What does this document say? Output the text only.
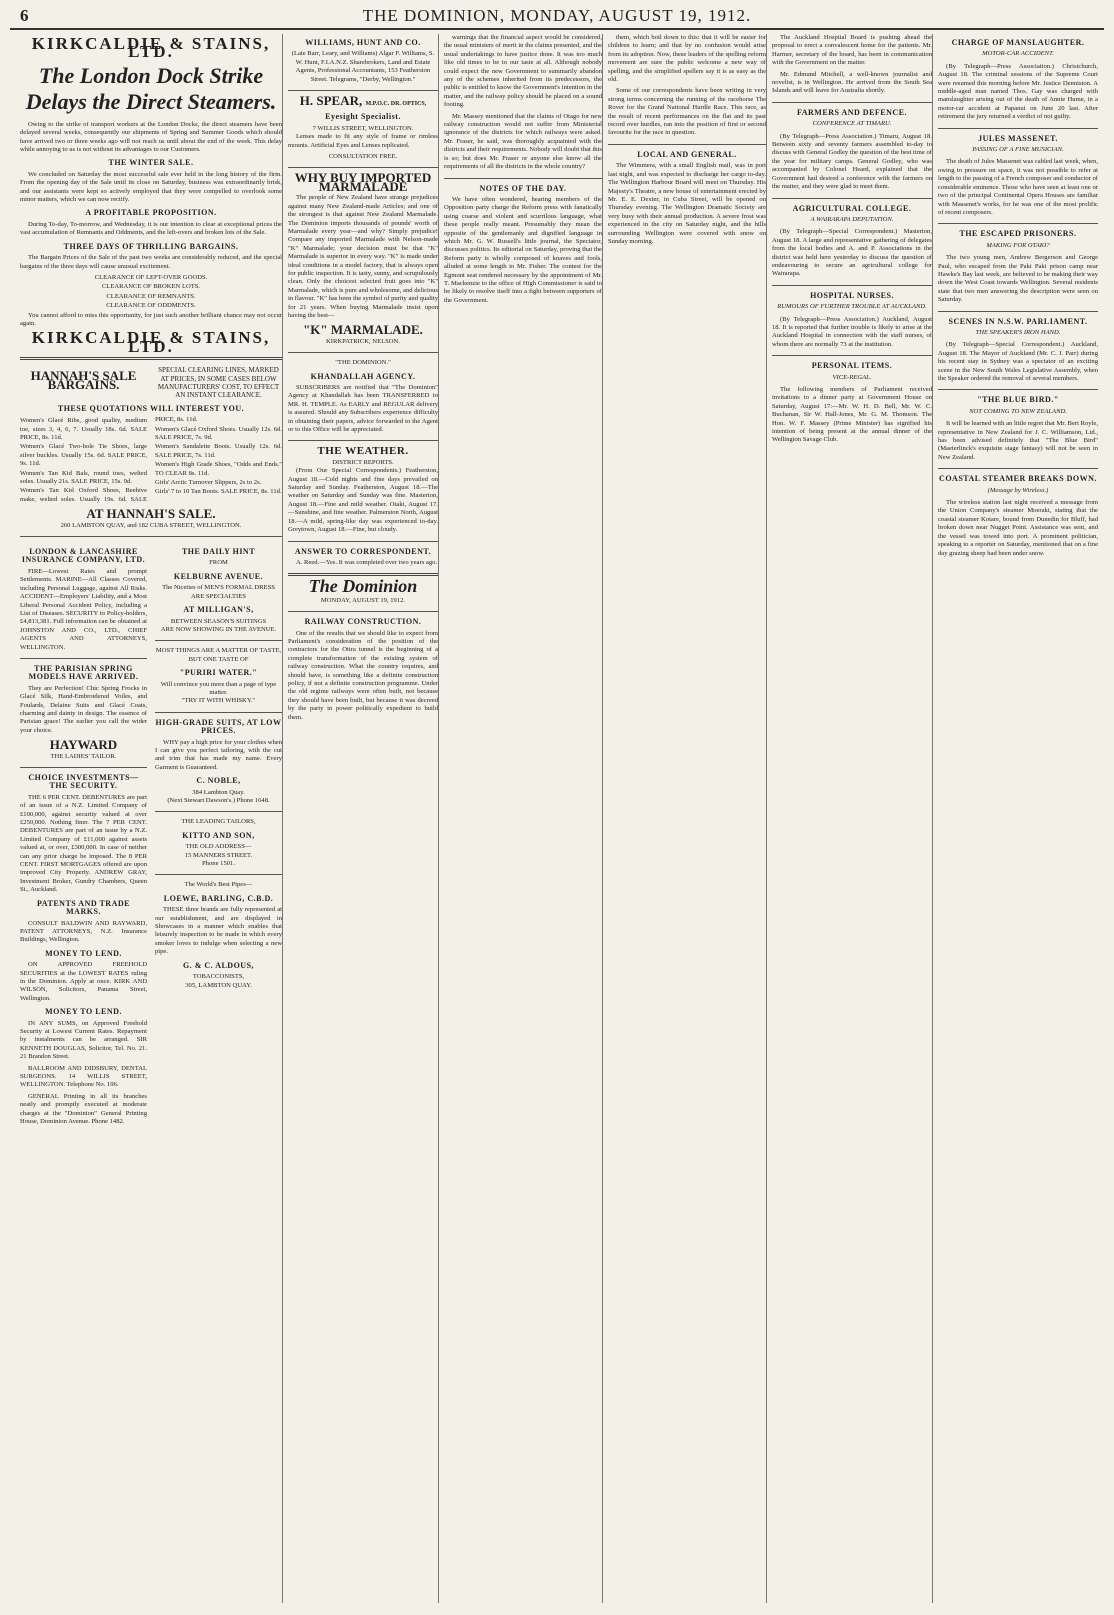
6	THE DOMINION, MONDAY, AUGUST 19, 1912.
KIRKCALDIE & STAINS, LTD.
The London Dock Strike Delays the Direct Steamers.

Owing to the strike of transport workers at the London Docks, the direct steamers have been delayed several weeks, consequently our shipments of Spring and Summer Goods which should have arrived two or three weeks ago will not reach us until about the end of the week. This delay while annoying to us is not without its advantages to our Customers.

THE WINTER SALE.

We concluded on Saturday the most successful sale ever held in the long history of the firm. From the opening day of the Sale until its close on Saturday, business was extraordinarily brisk, and our assistants were kept so actively employed that they were compelled to overlook some minor matters, which we can now rectify.

A PROFITABLE PROPOSITION.

During To-day, To-morrow, and Wednesday, it is our intention to clear at exceptional prices the vast accumulation of Remnants and Oddments, and the left-overs and broken lots of the Sale.

THREE DAYS OF THRILLING BARGAINS.

The Bargain Prices of the Sale of the past two weeks are considerably reduced, and the special bargains of the three days will cause unusual excitement.

CLEARANCE OF LEFT-OVER GOODS.
CLEARANCE OF BROKEN LOTS.
CLEARANCE OF REMNANTS.
CLEARANCE OF ODDMENTS.

You cannot afford to miss this opportunity, for just such another brilliant chance may not occur again.

KIRKCALDIE & STAINS, LTD.
HANNAH'S SALE BARGAINS.
SPECIAL CLEARING LINES, MARKED AT PRICES, IN SOME CASES BELOW MANUFACTURERS' COST, TO EFFECT AN INSTANT CLEARANCE.
THESE QUOTATIONS WILL INTEREST YOU.
Women's Glacé Ribs, good quality, medium toe, sizes 3, 4, 6, 7. Usually 18s. 6d. SALE PRICE, 8s. 11d.
Women's Glacé Two-hole Tie Shoes, large silver buckles. Usually 15s. 6d. SALE PRICE, 9s. 11d.
Women's Tan Kid Bals, round toes, welted soles. Usually 21s. SALE PRICE, 15s. 9d.
Women's Tan Kid Oxford Shoes, Beehive make, welted soles. Usually 19s. 6d. SALE PRICE, 8s. 11d.
Women's Glacé Oxford Shoes. Usually 12s. 6d. SALE PRICE, 7s. 9d.
Women's Sandalette Boots. Usually 12s. 6d. SALE PRICE, 7s. 11d.
Women's High Grade Shoes, "Odds and Ends." TO CLEAR 8s. 11d.
Girls' Arctic Turnover Slippers, 2s to 2s.
Girls' 7 to 10 Tan Boots. SALE PRICE, 8s. 11d.
AT HANNAH'S SALE.
260 LAMBTON QUAY, and 182 CUBA STREET, WELLINGTON.
LONDON & LANCASHIRE INSURANCE COMPANY, LTD.

FIRE—Lowest Rates and prompt Settlements. MARINE—All Classes Covered, including Personal Luggage, against All Risks. ACCIDENT—Employers' Liability, and a Most Liberal Personal Accident Policy, including a List of Diseases. SECURITY to Policy-holders, £4,813,381. Full information can be obtained at JOHNSTON AND CO., LTD., CHIEF AGENTS AND ATTORNEYS, WELLINGTON.

THE PARISIAN SPRING MODELS HAVE ARRIVED.

They are Perfection! Chic Spring Frocks in Glacé Silk, Hand-Embroidered Voiles, and Foulards, Delaine Suits and Glacé Coats, charming and dainty in design. The essence of Parisian grace! The earlier you call the wider your choice.

HAYWARD
THE LADIES' TAILOR.
CHOICE INVESTMENTS—THE SECURITY.

THE 6 PER CENT. DEBENTURES are part of an issue of a N.Z. Limited Company of £100,000, against security valued at over £250,000. Nothing finer. The 7 PER CENT. DEBENTURES are part of an issue by a N.Z. Limited Company of £11,000 against assets valued at, or over, £300,000. In case of neither can any prior charge be imposed. The 8 PER CENT. FIRST MORTGAGES offered are upon improved City Property. ANDREW GRAY, Investment Broker, Gundry Chambers, Queen St., Auckland.

PATENTS AND TRADE MARKS.

CONSULT BALDWIN AND RAYWARD, PATENT ATTORNEYS, N.Z. Insurance Buildings, Wellington.

MONEY TO LEND.

ON APPROVED FREEHOLD SECURITIES at the LOWEST RATES ruling in the Dominion. Apply at once. KIRK AND WILSON, Solicitors, Panama Street, Wellington.

MONEY TO LEND.

IN ANY SUMS, on Approved Freehold Security at Lowest Current Rates. Repayment by instalments can be arranged. SIR KENNETH DOUGLAS, Solicitor, Tel. No. 21. 21 Brandon Street.

BALLROOM AND DIDSBURY, DENTAL SURGEONS. 14 WILLIS STREET, WELLINGTON. Telephone No. 196.

GENERAL Printing in all its branches neatly and promptly executed at moderate charges at the "Dominion" General Printing House, Dominion Avenue. Phone 1482.

THE DAILY HINT
FROM
KELBURNE AVENUE.
The Niceties of MEN'S FORMAL DRESS ARE SPECIALTIES
AT MILLIGAN'S,
BETWEEN SEASON'S SUITINGS
ARE NOW SHOWING IN THE AVENUE.
MOST THINGS ARE A MATTER OF TASTE, BUT ONE TASTE OF
"PURIRI WATER."
Will convince you more than a page of type matter.
"TRY IT WITH WHISKY."
HIGH-GRADE SUITS, AT LOW PRICES.

WHY pay a high price for your clothes when I can give you perfect tailoring, with the cut and trim that has made my name. Every Garment is Guaranteed.

C. NOBLE,
384 Lambton Quay.
(Next Stewart Dawson's.) Phone 1648.
THE LEADING TAILORS,
KITTO AND SON,
THE OLD ADDRESS—
15 MANNERS STREET.
Phone 1501.
The World's Best Pipes—
LOEWE, BARLING, C.B.D.

THESE three brands are fully represented at our establishment, and are displayed in Showcases in a manner which enables that leisurely inspection to be made in which every smoker loves to indulge when selecting a new pipe.

G. & C. ALDOUS,
TOBACCONISTS,
305, LAMBTON QUAY.
WILLIAMS, HUNT AND CO.
(Late Barr, Leary, and Williams) Algar F. Williams, S. W. Hunt, F.I.A.N.Z. Sharebrokers, Land and Estate Agents, Professional Accountants, 153 Featherston Street. Telegrams, "Derby, Wellington."
H. SPEAR, M.P.O.C. DR. OPTICS,
Eyesight Specialist.
7 WILLIS STREET, WELLINGTON.

Lenses made to fit any style of frame or rimless mounts. Artificial Eyes and Lenses replicated.

CONSULTATION FREE.
WHY BUY IMPORTED MARMALADE

The people of New Zealand have strange prejudices against many New Zealand-made Articles; and one of the strongest is that against New Zealand Marmalade. The Dominion imports thousands of pounds' worth of Marmalade every year—and why? Simply prejudice! Compare any imported Marmalade with Nelson-made "K" Marmalade; your decision must be that "K" Marmalade is superior in every way. "K" is made under ideal conditions in a model factory, that is always open for public inspection. It is tasty, sunny, and scrupulously clean. Only the choicest selected fruit goes into "K" Marmalade, which is pure and wholesome, and delicious in flavour. "K" has been the symbol of purity and quality for 21 years. When buying Marmalade insist upon having the best—

"K" MARMALADE.
KIRKPATRICK, NELSON.
"THE DOMINION."
KHANDALLAH AGENCY.

SUBSCRIBERS are notified that "The Dominion" Agency at Khandallah has been TRANSFERRED to MR. H. TEMPLE. As EARLY and REGULAR delivery is assured. Should any Subscribers experience difficulty in obtaining their papers, advice forwarded to the Agent or to this Office will be appreciated.

THE WEATHER.
DISTRICT REPORTS.

(From Our Special Correspondents.) Featherston, August 18.—Cold nights and fine days prevailed on Saturday and Sunday. Featherston, August 18.—The weather on Saturday and Sunday was fine. Masterton, August 18.—Fine and mild weather. Otaki, August 17.—Sunshine, and fine weather. Palmerston North, August 18.—A mild, spring-like day was experienced to-day. Greytown, August 18.—Fine, but cloudy.

ANSWER TO CORRESPONDENT.

A. Reed.—Yes. It was completed over two years ago.

The Dominion
MONDAY, AUGUST 19, 1912.
RAILWAY CONSTRUCTION.

One of the results that we should like to expect from Parliament's consideration of the position of the contractors for the Otira tunnel is the beginning of a complete transformation of the existing system of railway construction. What the country requires, and should have, is something like a definite construction policy, if not a definite construction programme. Under the old regime railways were often built, not because they should have been built, but because it was decreed by the party in power politically expedient to build them.

warnings that the financial aspect would be considered, the usual ministers of merit in the claims presented, and the usual undertakings to have justice done. It was too much like old times to be to our taste at all. Although nobody could expect the new Government to summarily abandon any of the schemes inherited from its predecessors, the public is entitled to know the Government's intention in the matter, and the railway policy should be placed on a sound footing.

Mr. Massey mentioned that the claims of Otago for new railway construction would not suffer from Ministerial ignorance of the districts for which railways were asked. Mr. Fraser, he said, was thoroughly acquainted with the districts and their requirements. Nobody will doubt that this is so; but does Mr. Fraser or anyone else know all the requirements of all the districts in the whole country?

NOTES OF THE DAY.

We have often wondered, hearing members of the Opposition party charge the Reform press with fanatically using coarse and violent and scurrilous language, what these people really meant. Presumably they mean the opposite of the gentlemanly and dignified language in which Mr. G. W. Russell's little journal, the Spectator, discusses politics. Its editorial on Saturday, proving that the Reform party is wholly composed of knaves and fools, alluded at some length to Mr. Fisher. The contest for the Egmont seat rendered necessary by the appointment of Mr. T. Mackenzie to the office of High Commissioner is said to be likely to resolve itself into a fight between supporters of the Government.

them, which boil down to this: that it will be easier for children to learn; and that by no confusion would arise from its adoption. Now, these leaders of the spelling reform movement are sure the public welcome a new way of spelling, and the simplified spellers say it is as easy as the old.

Some of our correspondents have been writing in very strong terms concerning the running of the racehorse The Rover for the Grand National Hurdle Race. This race, as the result of recent performances on the flat and its past record over hurdles, ran into the position of first or second favourite for the race in question.

LOCAL AND GENERAL.

The Wimmera, with a small English mail, was in port last night, and was expected to discharge her cargo to-day. The Wellington Harbour Board will meet on Thursday. His Majesty's Theatre, a new house of entertainment erected by Mr. E. E. Dexter, in Cuba Street, will be opened on Thursday evening. The Wellington Dramatic Society are very busy with their annual production. A severe frost was experienced in the city on Saturday night, and the hills surrounding Wellington were covered with snow on Sunday morning.

The Auckland Hospital Board is pushing ahead the proposal to erect a convalescent home for the patients. Mr. Harmer, secretary of the board, has been in communication with the Government on the matter.

Mr. Edmund Mitchell, a well-known journalist and novelist, is in Wellington. He arrived from the South Sea Islands and will leave for Australia shortly.

FARMERS AND DEFENCE.
CONFERENCE AT TIMARU.

(By Telegraph—Press Association.) Timaru, August 18. Between sixty and seventy farmers assembled to-day to discuss with General Godley the question of the best time of the year for military camps. General Godley, who was accompanied by Colonel Heard, explained that the Government had desired a conference with the farmers on the matter, and they were glad to meet them.

AGRICULTURAL COLLEGE.
A WAIRARAPA DEPUTATION.

(By Telegraph—Special Correspondent.) Masterton, August 18. A large and representative gathering of delegates from the local bodies and A. and P. Associations in the district was held here yesterday to discuss the question of endeavouring to secure an agricultural college for Wairarapa.

HOSPITAL NURSES.
RUMOURS OF FURTHER TROUBLE AT AUCKLAND.

(By Telegraph—Press Association.) Auckland, August 18. It is reported that further trouble is likely to arise at the Auckland Hospital in connection with the staff nurses, of whom there are normally 73 at the institution.

PERSONAL ITEMS.
VICE-REGAL.

The following members of Parliament received invitations to a dinner party at Government House on Saturday, August 17:—Mr. W. H. D. Bell, Mr. W. C. Buchanan, Sir W. Hall-Jones, Mr. G. M. Thomson. The Hon. W. F. Massey (Prime Minister) has signified his intention of being present at the annual dinner of the Wellington Savage Club.

CHARGE OF MANSLAUGHTER.
MOTOR-CAR ACCIDENT.

(By Telegraph—Press Association.) Christchurch, August 18. The criminal sessions of the Supreme Court were resumed this morning before Mr. Justice Denniston. A middle-aged man named Thos. Gay was charged with manslaughter arising out of the death of Annie Hume, in a motor-car accident at Papanui on June 20 last. After retirement the jury returned a verdict of not guilty.

JULES MASSENET.
PASSING OF A FINE MUSICIAN.

The death of Jules Massenet was cabled last week, when, owing to pressure on space, it was not possible to refer at length to the passing of a French composer and conductor of considerable eminence. Those who have seen at least one or two of the principal Continental Opera Houses are familiar with Massenet's works, for he was one of the most prolific of recent composers.

THE ESCAPED PRISONERS.
MAKING FOR OTAKI?

The two young men, Andrew Bergerson and George Paul, who escaped from the Paki Paki prison camp near Hawke's Bay last week, are believed to be making their way down the West Coast towards Wellington. Several residents state that two men answering the description were seen on Saturday.

SCENES IN N.S.W. PARLIAMENT.
THE SPEAKER'S IRON HAND.

(By Telegraph—Special Correspondent.) Auckland, August 18. The Mayor of Auckland (Mr. C. J. Parr) during his recent stay in Sydney was a spectator of an exciting scene in the New South Wales Legislative Assembly, when the Speaker ordered the removal of several members.

"THE BLUE BIRD."
NOT COMING TO NEW ZEALAND.

It will be learned with an little regret that Mr. Bert Royle, representative in New Zealand for J. C. Williamson, Ltd., has been advised definitely that "The Blue Bird" (Maeterlinck's exquisite stage fantasy) will not be seen in New Zealand.

COASTAL STEAMER BREAKS DOWN.
(Message by Wireless.)

The wireless station last night received a message from the Union Company's steamer Moeraki, stating that the coastal steamer Kotare, bound from Dunedin for Bluff, had broken down near Nugget Point. Assistance was sent, and the vessel was towed into port. A prominent politician, speaking to a reporter on Saturday, mentioned that on a fine day grazing sheep had been under snow.
